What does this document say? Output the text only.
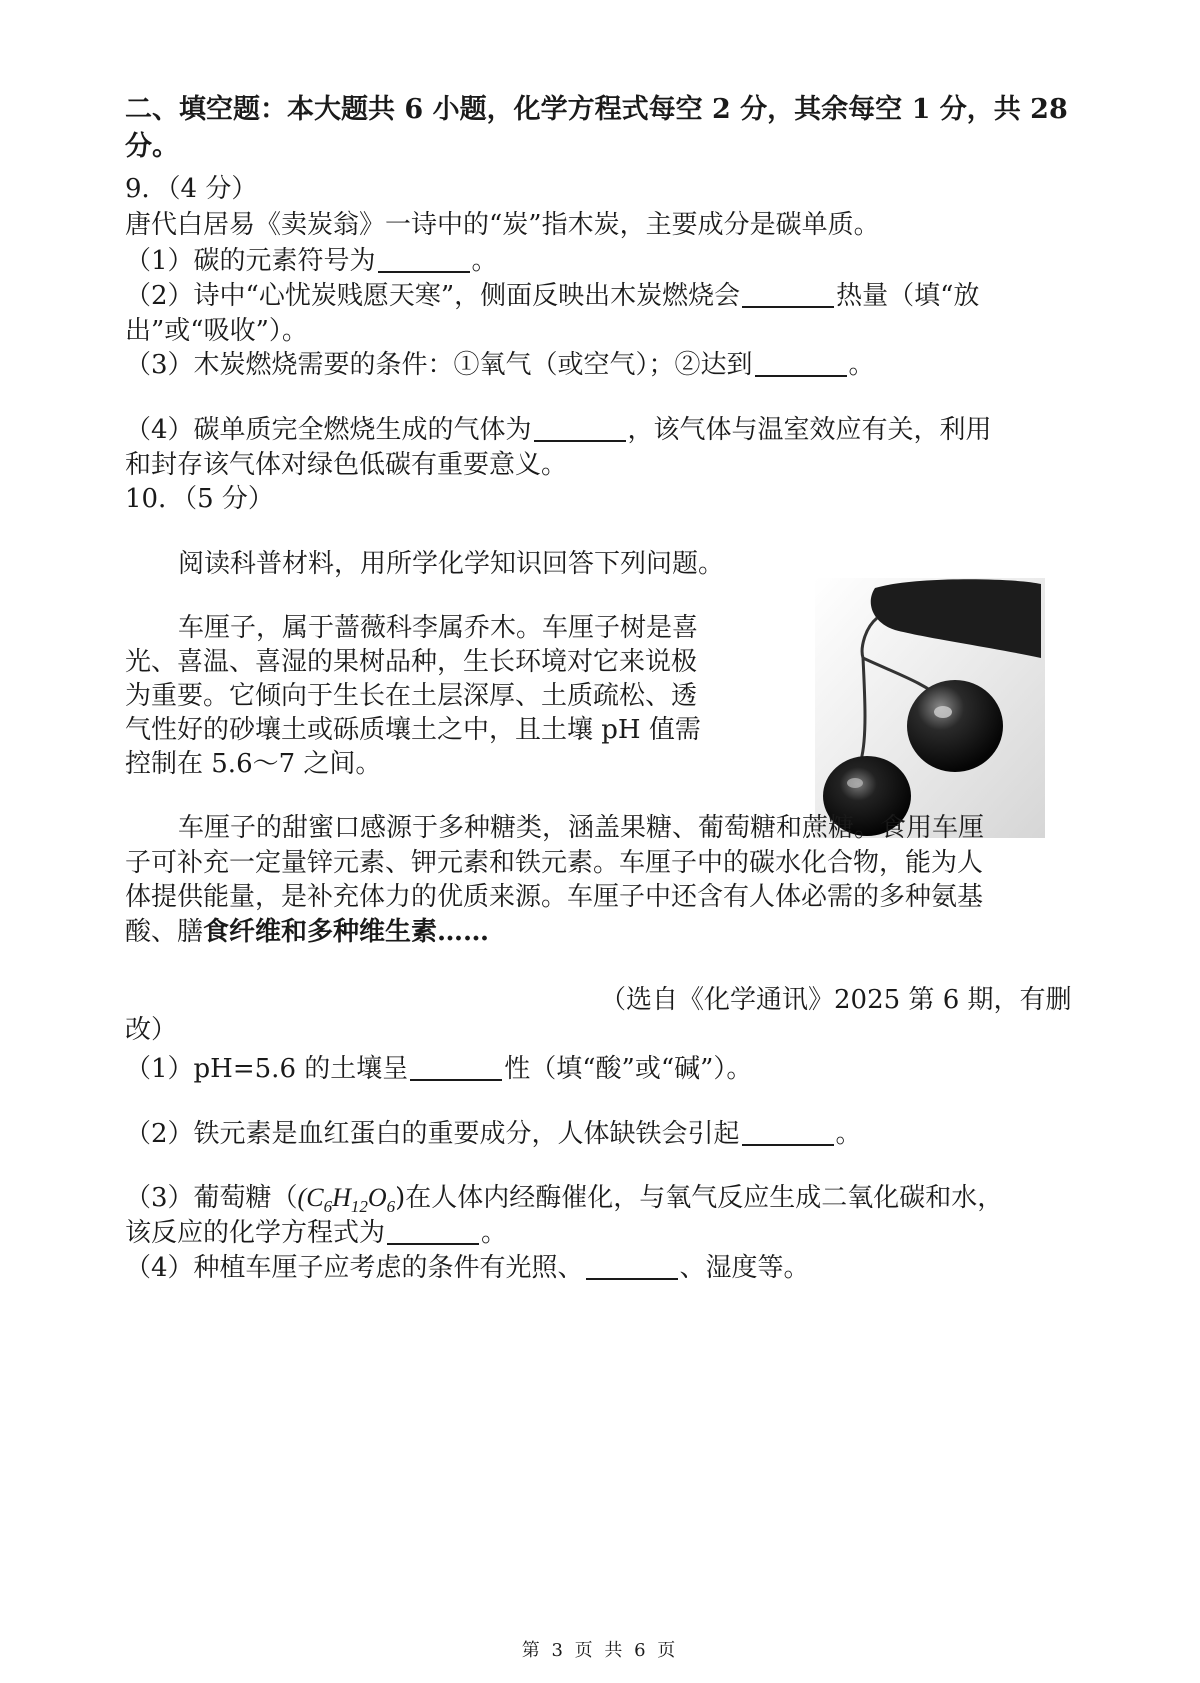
二、填空题：本大题共 6 小题，化学方程式每空 2 分，其余每空 1 分，共 28
分。
9．（4 分）
唐代白居易《卖炭翁》一诗中的“炭”指木炭，主要成分是碳单质。
（1）碳的元素符号为	。
（2）诗中“心忧炭贱愿天寒”，侧面反映出木炭燃烧会	热量（填“放
出”或“吸收”）。
（3）木炭燃烧需要的条件：①氧气（或空气）；②达到	。
（4）碳单质完全燃烧生成的气体为	，该气体与温室效应有关，利用
和封存该气体对绿色低碳有重要意义。
10．（5 分）
阅读科普材料，用所学化学知识回答下列问题。
车厘子，属于蔷薇科李属乔木。车厘子树是喜
光、喜温、喜湿的果树品种，生长环境对它来说极
为重要。它倾向于生长在土层深厚、土质疏松、透
气性好的砂壤土或砾质壤土之中，且土壤 pH 值需
控制在 5.6～7 之间。
车厘子的甜蜜口感源于多种糖类，涵盖果糖、葡萄糖和蔗糖。食用车厘
子可补充一定量锌元素、钾元素和铁元素。车厘子中的碳水化合物，能为人
体提供能量，是补充体力的优质来源。车厘子中还含有人体必需的多种氨基
酸、膳食纤维和多种维生素……
（选自《化学通讯》2025 第 6 期，有删
改）
（1）pH=5.6 的土壤呈	性（填“酸”或“碱”）。
（2）铁元素是血红蛋白的重要成分，人体缺铁会引起	。
（3）葡萄糖（$(C_6H_{12}O_6)$在人体内经酶催化，与氧气反应生成二氧化碳和水，
该反应的化学方程式为	。
（4）种植车厘子应考虑的条件有光照、	、湿度等。
第 3 页 共 6 页
